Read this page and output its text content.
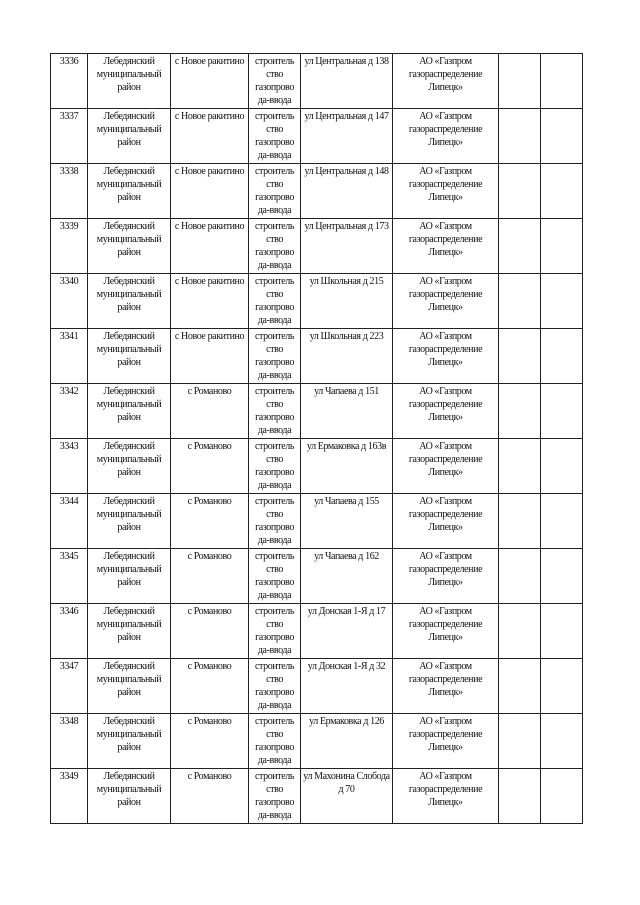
3336	Лебедянский муниципальный район	с Новое ракитино	строитель ство газопрово да-ввода	ул Центральная д 138	АО «Газпром газораспределение Липецк»		
3337	Лебедянский муниципальный район	с Новое ракитино	строитель ство газопрово да-ввода	ул Центральная д 147	АО «Газпром газораспределение Липецк»		
3338	Лебедянский муниципальный район	с Новое ракитино	строитель ство газопрово да-ввода	ул Центральная д 148	АО «Газпром газораспределение Липецк»		
3339	Лебедянский муниципальный район	с Новое ракитино	строитель ство газопрово да-ввода	ул Центральная д 173	АО «Газпром газораспределение Липецк»		
3340	Лебедянский муниципальный район	с Новое ракитино	строитель ство газопрово да-ввода	ул Школьная д 215	АО «Газпром газораспределение Липецк»		
3341	Лебедянский муниципальный район	с Новое ракитино	строитель ство газопрово да-ввода	ул Школьная д 223	АО «Газпром газораспределение Липецк»		
3342	Лебедянский муниципальный район	с Романово	строитель ство газопрово да-ввода	ул Чапаева д 151	АО «Газпром газораспределение Липецк»		
3343	Лебедянский муниципальный район	с Романово	строитель ство газопрово да-ввода	ул Ермаковка д 163в	АО «Газпром газораспределение Липецк»		
3344	Лебедянский муниципальный район	с Романово	строитель ство газопрово да-ввода	ул Чапаева д 155	АО «Газпром газораспределение Липецк»		
3345	Лебедянский муниципальный район	с Романово	строитель ство газопрово да-ввода	ул Чапаева д 162	АО «Газпром газораспределение Липецк»		
3346	Лебедянский муниципальный район	с Романово	строитель ство газопрово да-ввода	ул Донская 1-Я д 17	АО «Газпром газораспределение Липецк»		
3347	Лебедянский муниципальный район	с Романово	строитель ство газопрово да-ввода	ул Донская 1-Я д 32	АО «Газпром газораспределение Липецк»		
3348	Лебедянский муниципальный район	с Романово	строитель ство газопрово да-ввода	ул Ермаковка д 126	АО «Газпром газораспределение Липецк»		
3349	Лебедянский муниципальный район	с Романово	строитель ство газопрово да-ввода	ул Махонина Слобода д 70	АО «Газпром газораспределение Липецк»		
